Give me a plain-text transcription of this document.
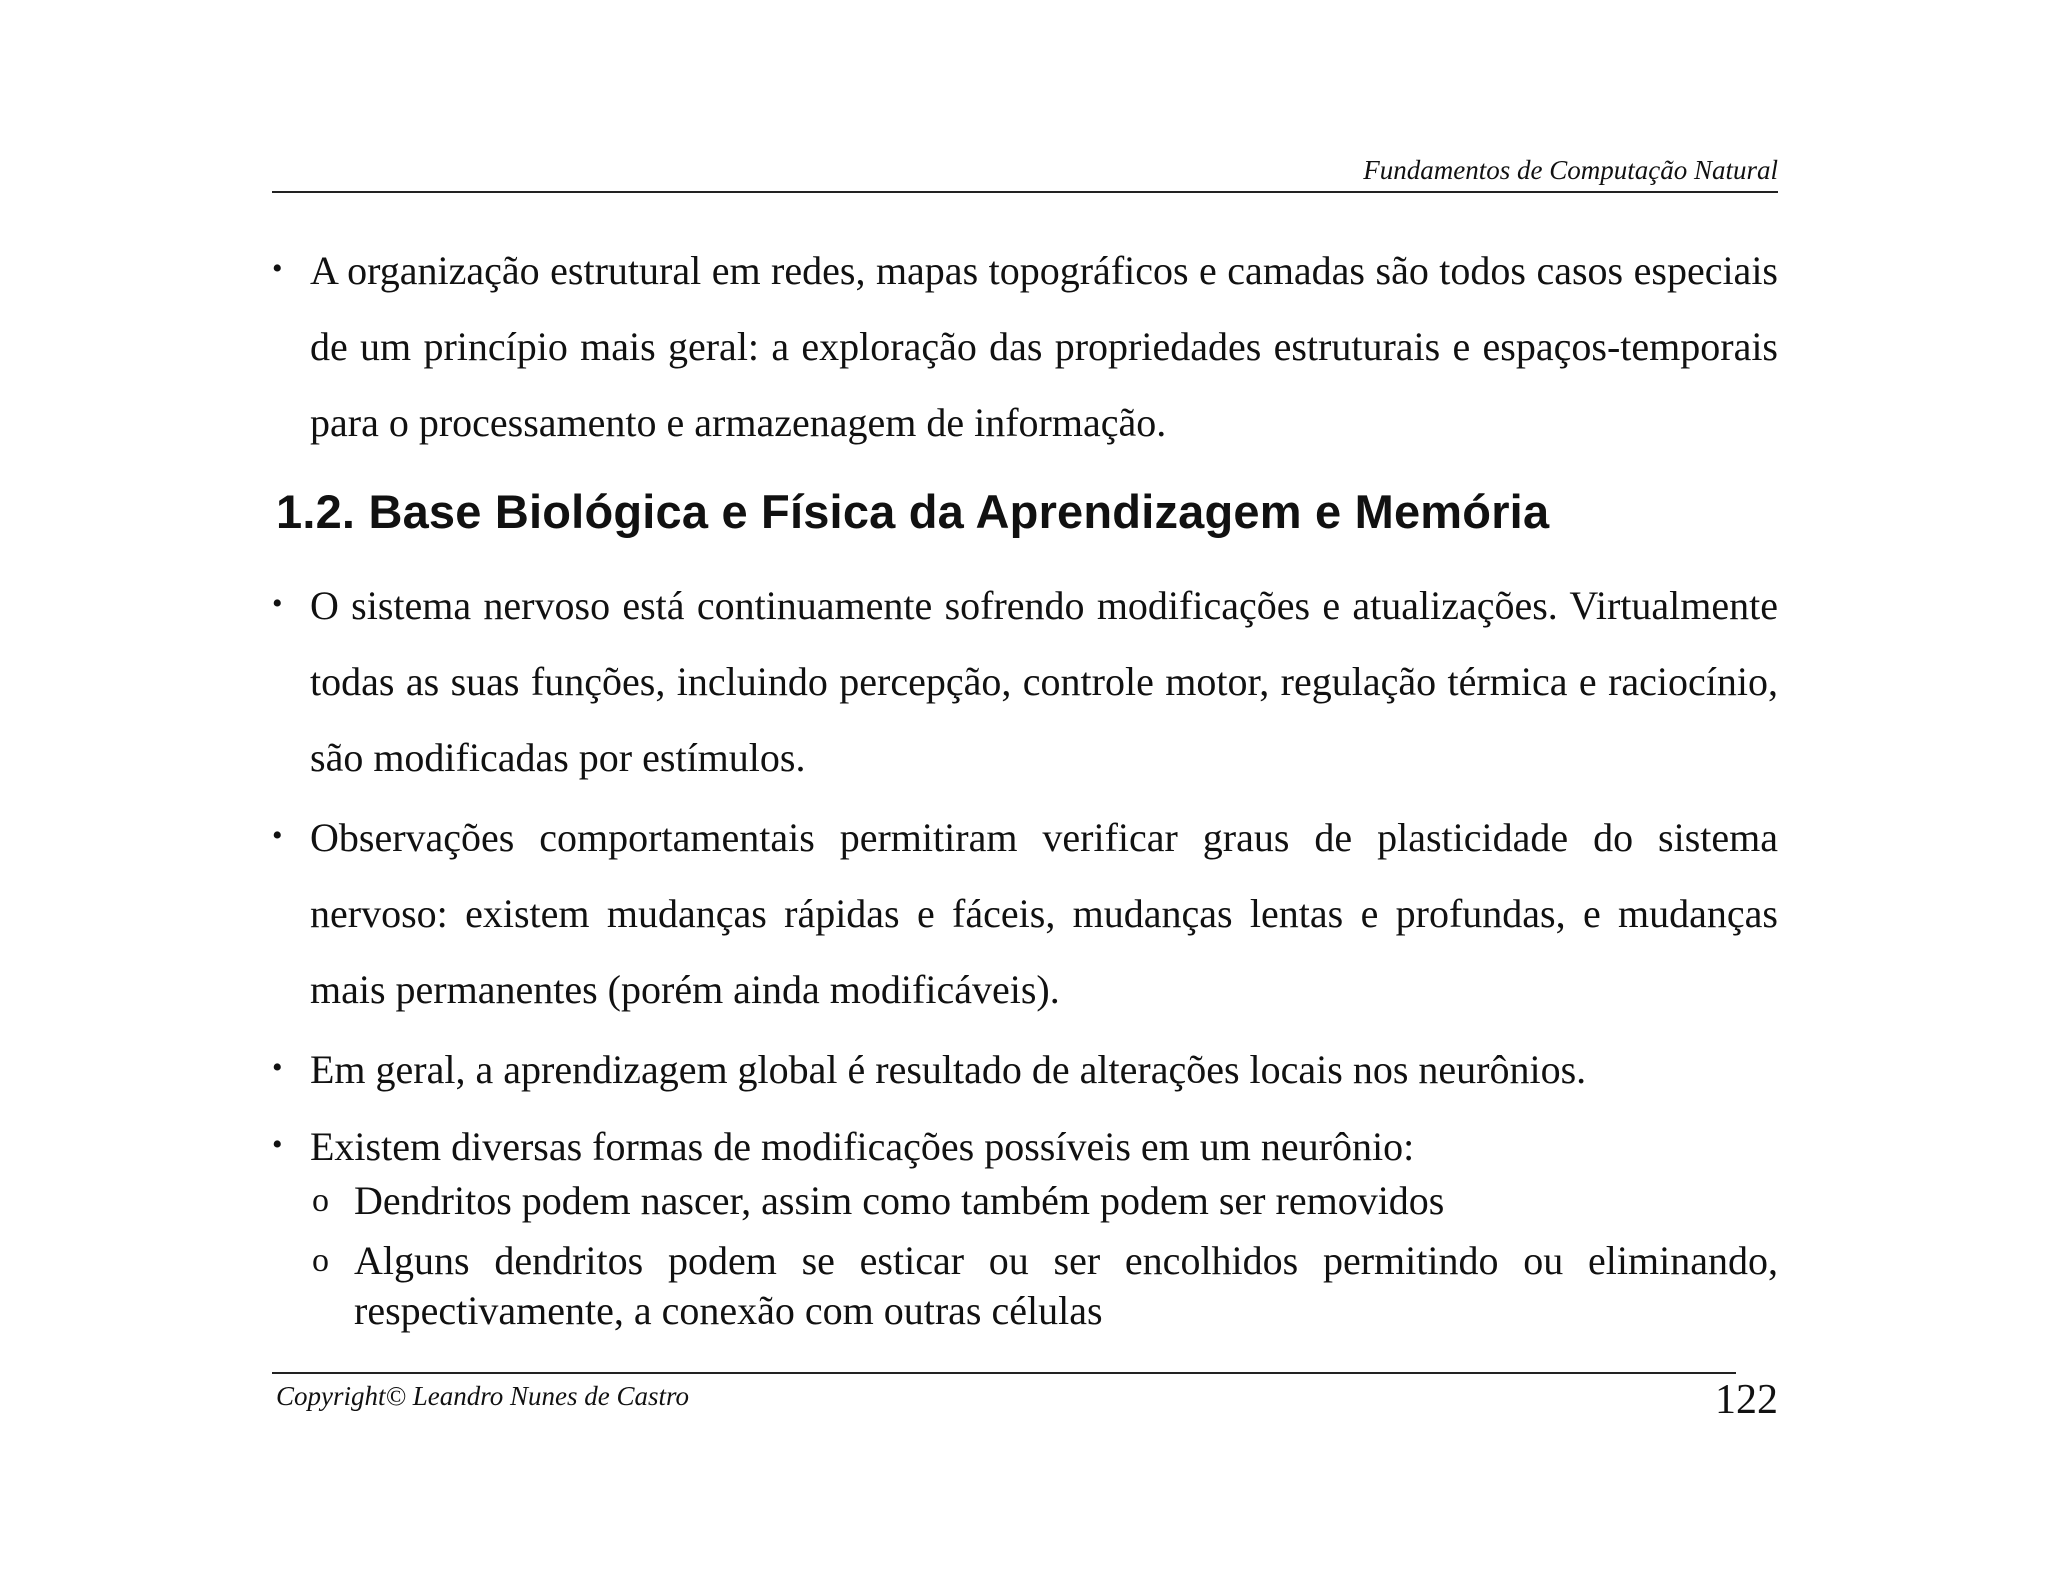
Fundamentos de Computação Natural
• A organização estrutural em redes, mapas topográficos e camadas são todos casos especiais de um princípio mais geral: a exploração das propriedades estruturais e espaços-temporais para o processamento e armazenagem de informação.
1.2. Base Biológica e Física da Aprendizagem e Memória
• O sistema nervoso está continuamente sofrendo modificações e atualizações. Virtualmente todas as suas funções, incluindo percepção, controle motor, regulação térmica e raciocínio, são modificadas por estímulos.
• Observações comportamentais permitiram verificar graus de plasticidade do sistema nervoso: existem mudanças rápidas e fáceis, mudanças lentas e profundas, e mudanças mais permanentes (porém ainda modificáveis).
• Em geral, a aprendizagem global é resultado de alterações locais nos neurônios.
• Existem diversas formas de modificações possíveis em um neurônio:
o Dendritos podem nascer, assim como também podem ser removidos
o Alguns dendritos podem se esticar ou ser encolhidos permitindo ou eliminando, respectivamente, a conexão com outras células
Copyright© Leandro Nunes de Castro	122
